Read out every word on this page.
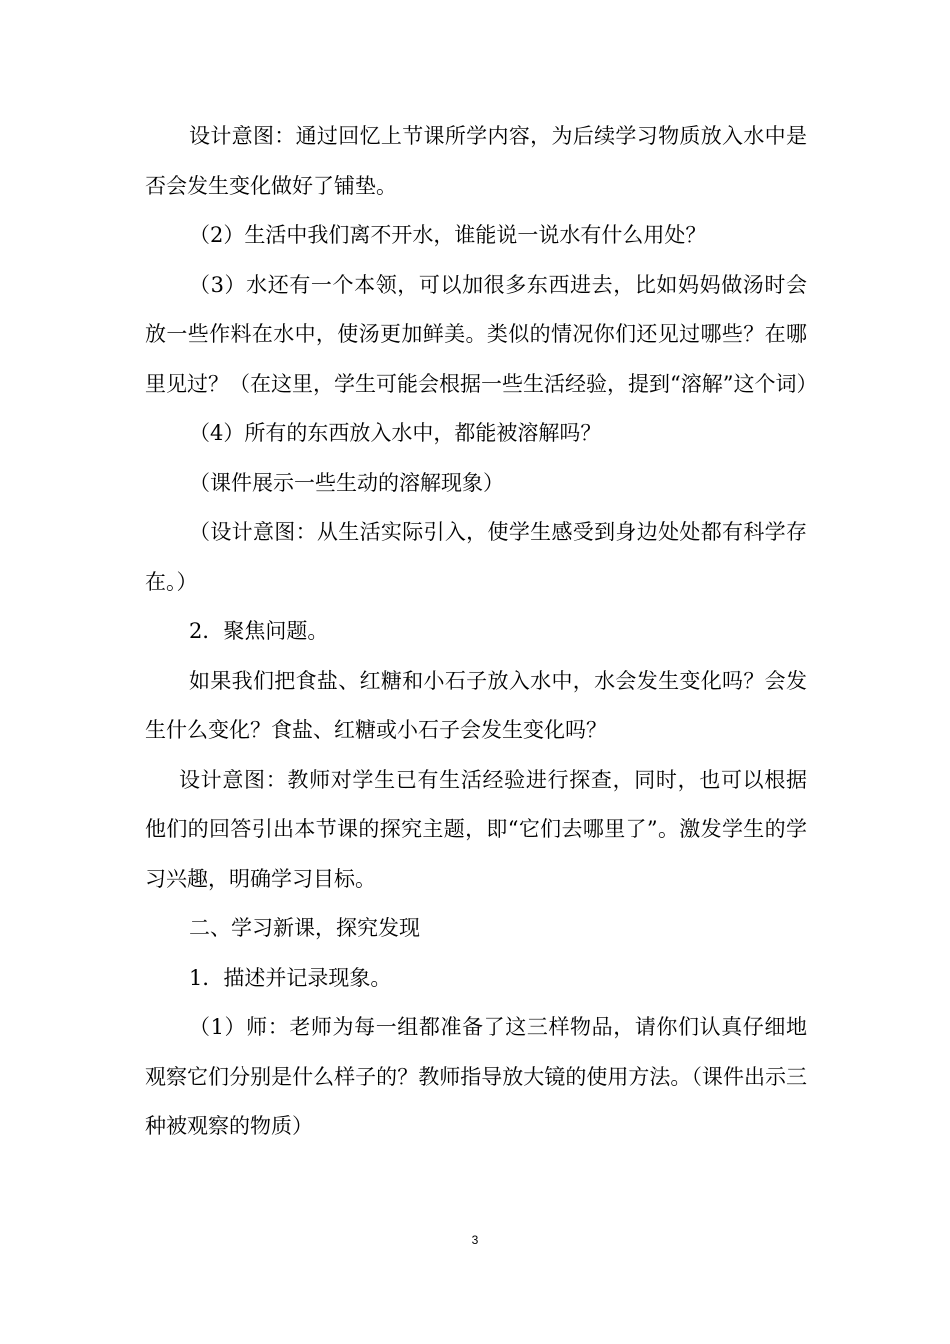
设计意图：通过回忆上节课所学内容，为后续学习物质放入水中是否会发生变化做好了铺垫。

（2）生活中我们离不开水，谁能说一说水有什么用处？

（3）水还有一个本领，可以加很多东西进去，比如妈妈做汤时会放一些作料在水中，使汤更加鲜美。类似的情况你们还见过哪些？在哪里见过？（在这里，学生可能会根据一些生活经验，提到“溶解”这个词）

（4）所有的东西放入水中，都能被溶解吗？

（课件展示一些生动的溶解现象）

（设计意图：从生活实际引入，使学生感受到身边处处都有科学存在。）

2．聚焦问题。

如果我们把食盐、红糖和小石子放入水中，水会发生变化吗？会发生什么变化？食盐、红糖或小石子会发生变化吗？

设计意图：教师对学生已有生活经验进行探查，同时，也可以根据他们的回答引出本节课的探究主题，即“它们去哪里了”。激发学生的学习兴趣，明确学习目标。

二、学习新课，探究发现

1．描述并记录现象。

（1）师：老师为每一组都准备了这三样物品，请你们认真仔细地观察它们分别是什么样子的？教师指导放大镜的使用方法。（课件出示三种被观察的物质）

3
